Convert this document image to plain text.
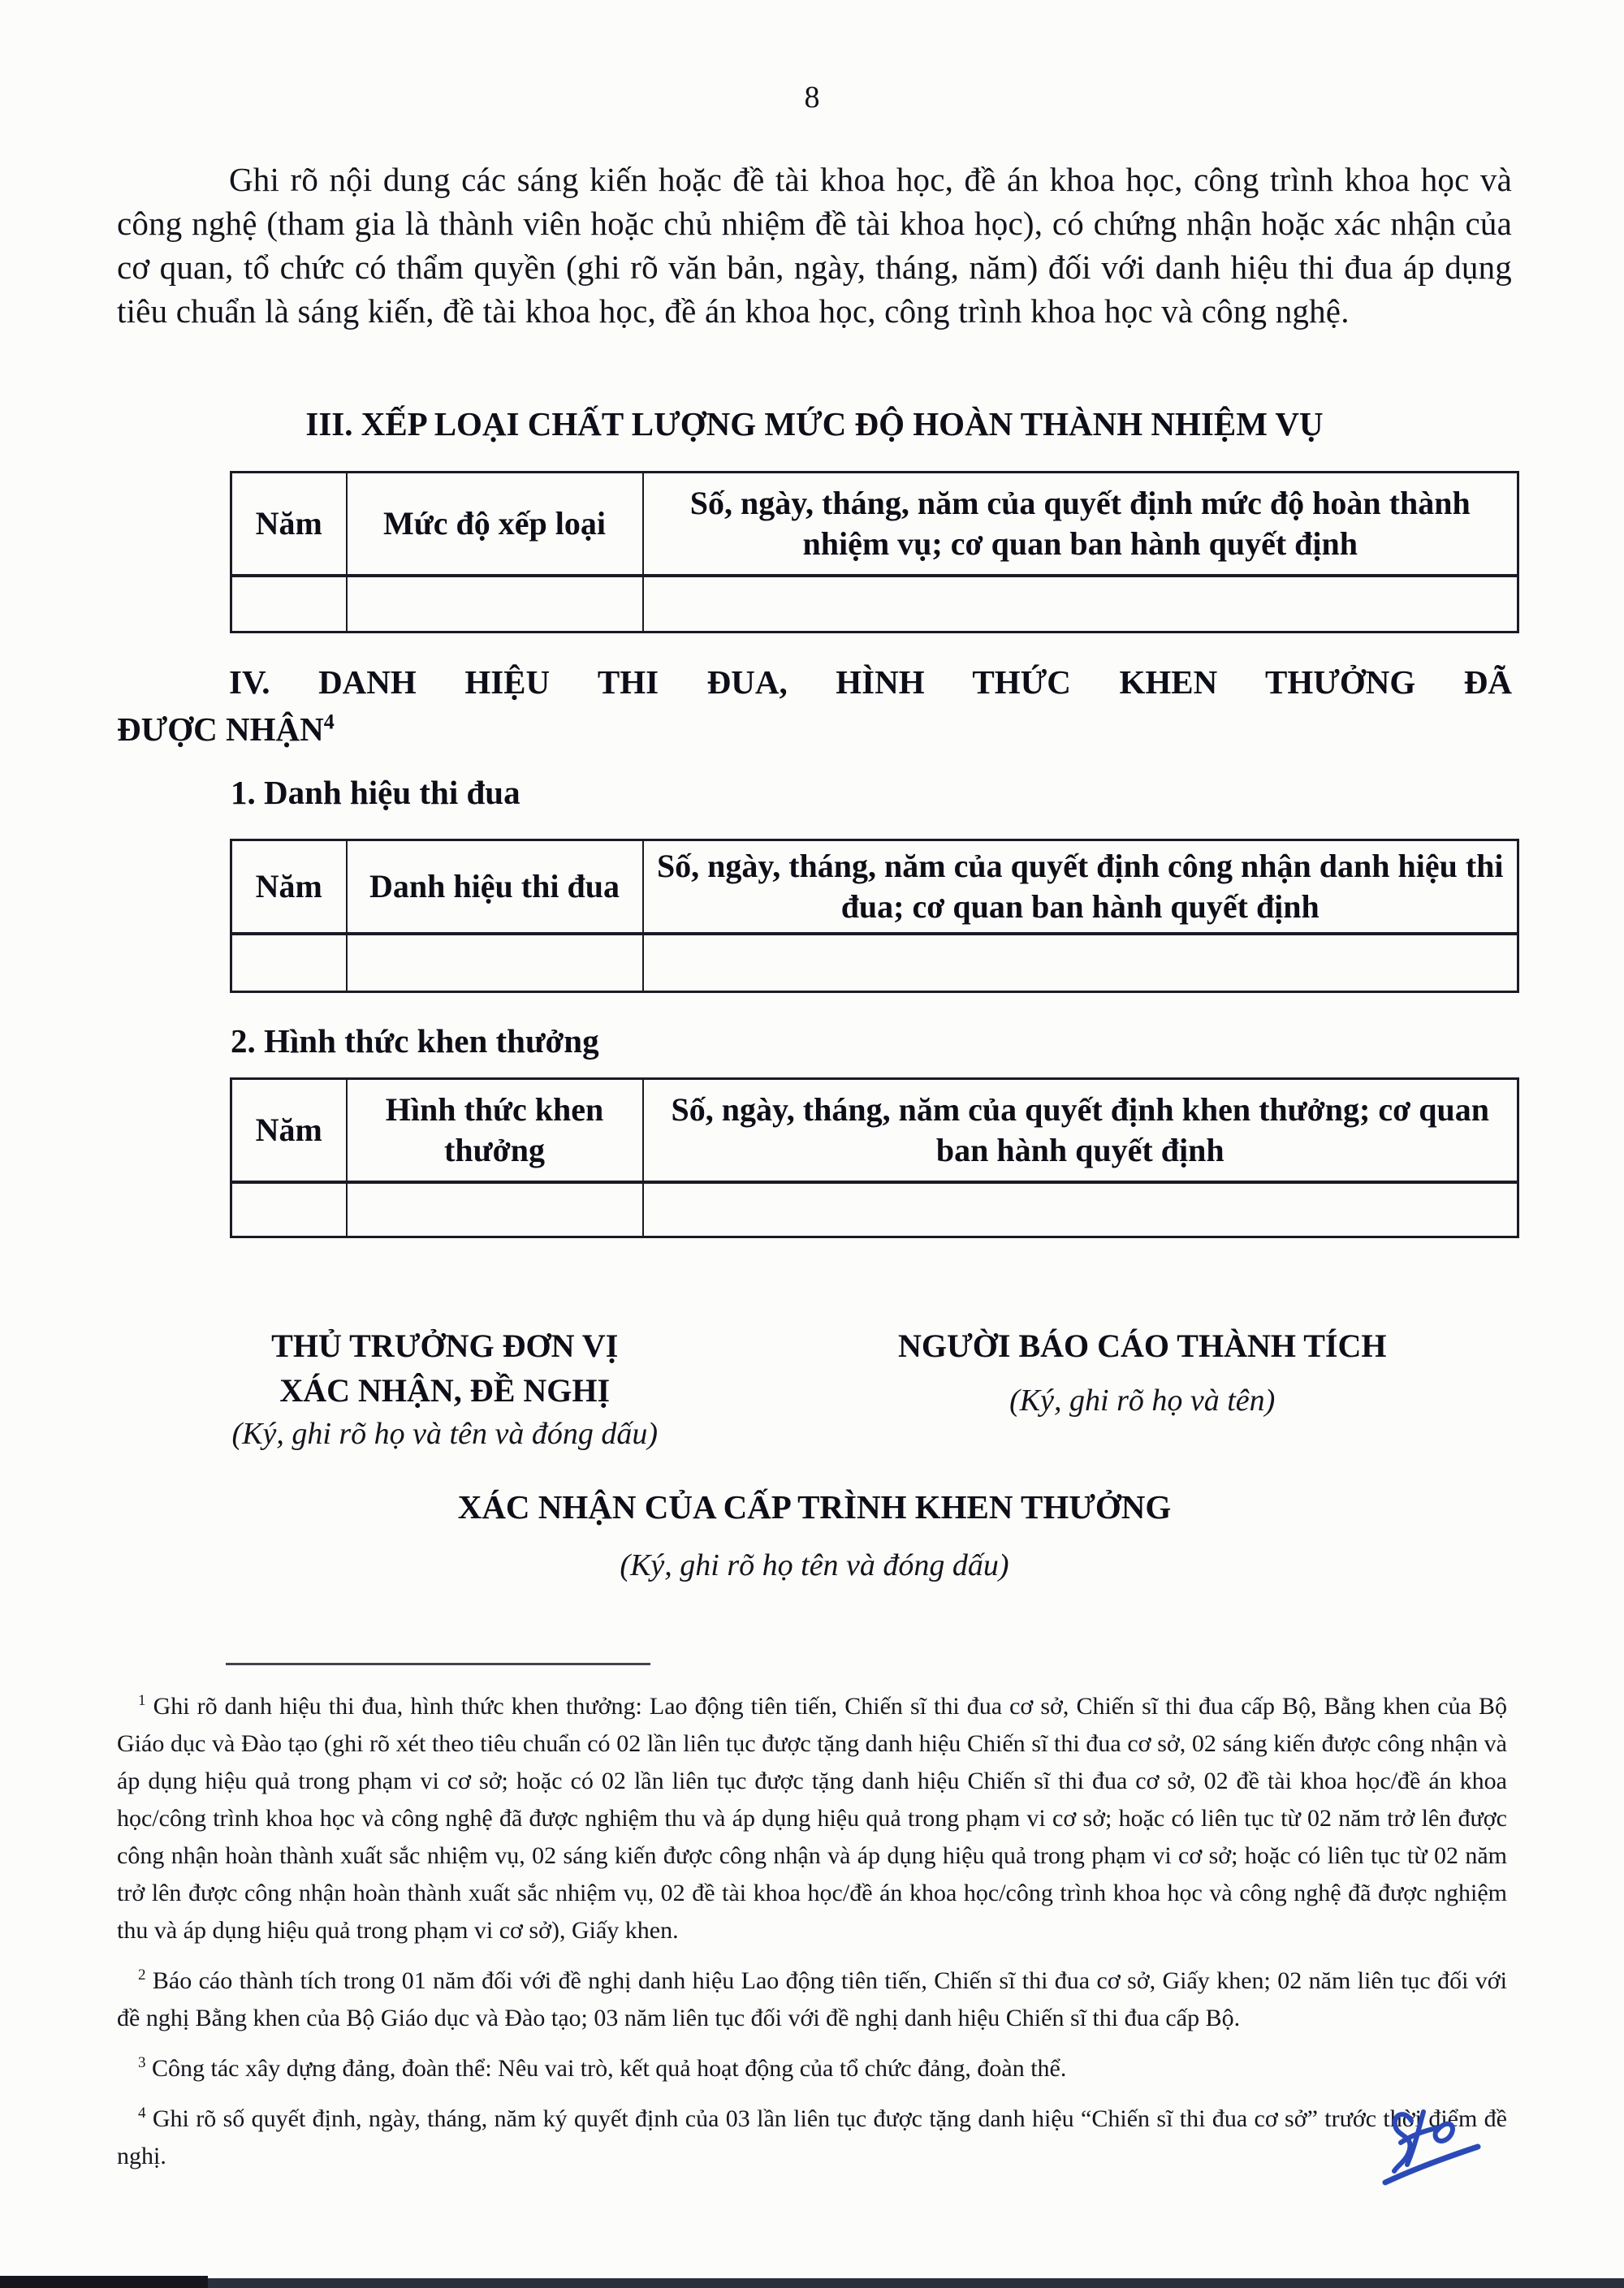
8
Ghi rõ nội dung các sáng kiến hoặc đề tài khoa học, đề án khoa học, công trình khoa học và công nghệ (tham gia là thành viên hoặc chủ nhiệm đề tài khoa học), có chứng nhận hoặc xác nhận của cơ quan, tổ chức có thẩm quyền (ghi rõ văn bản, ngày, tháng, năm) đối với danh hiệu thi đua áp dụng tiêu chuẩn là sáng kiến, đề tài khoa học, đề án khoa học, công trình khoa học và công nghệ.
III. XẾP LOẠI CHẤT LƯỢNG MỨC ĐỘ HOÀN THÀNH NHIỆM VỤ
Năm	Mức độ xếp loại	Số, ngày, tháng, năm của quyết định mức độ hoàn thành nhiệm vụ; cơ quan ban hành quyết định

IV. DANH HIỆU THI ĐUA, HÌNH THỨC KHEN THƯỞNG ĐÃ
ĐƯỢC NHẬN$^4$
1. Danh hiệu thi đua
Năm	Danh hiệu thi đua	Số, ngày, tháng, năm của quyết định công nhận danh hiệu thi đua; cơ quan ban hành quyết định

2. Hình thức khen thưởng
Năm	Hình thức khen thưởng	Số, ngày, tháng, năm của quyết định khen thưởng; cơ quan ban hành quyết định

THỦ TRƯỞNG ĐƠN VỊ
XÁC NHẬN, ĐỀ NGHỊ
(Ký, ghi rõ họ và tên và đóng dấu)
NGƯỜI BÁO CÁO THÀNH TÍCH
(Ký, ghi rõ họ và tên)
XÁC NHẬN CỦA CẤP TRÌNH KHEN THƯỞNG
(Ký, ghi rõ họ tên và đóng dấu)

$^1$ Ghi rõ danh hiệu thi đua, hình thức khen thưởng: Lao động tiên tiến, Chiến sĩ thi đua cơ sở, Chiến sĩ thi đua cấp Bộ, Bằng khen của Bộ Giáo dục và Đào tạo (ghi rõ xét theo tiêu chuẩn có 02 lần liên tục được tặng danh hiệu Chiến sĩ thi đua cơ sở, 02 sáng kiến được công nhận và áp dụng hiệu quả trong phạm vi cơ sở; hoặc có 02 lần liên tục được tặng danh hiệu Chiến sĩ thi đua cơ sở, 02 đề tài khoa học/đề án khoa học/công trình khoa học và công nghệ đã được nghiệm thu và áp dụng hiệu quả trong phạm vi cơ sở; hoặc có liên tục từ 02 năm trở lên được công nhận hoàn thành xuất sắc nhiệm vụ, 02 sáng kiến được công nhận và áp dụng hiệu quả trong phạm vi cơ sở; hoặc có liên tục từ 02 năm trở lên được công nhận hoàn thành xuất sắc nhiệm vụ, 02 đề tài khoa học/đề án khoa học/công trình khoa học và công nghệ đã được nghiệm thu và áp dụng hiệu quả trong phạm vi cơ sở), Giấy khen.

$^2$ Báo cáo thành tích trong 01 năm đối với đề nghị danh hiệu Lao động tiên tiến, Chiến sĩ thi đua cơ sở, Giấy khen; 02 năm liên tục đối với đề nghị Bằng khen của Bộ Giáo dục và Đào tạo; 03 năm liên tục đối với đề nghị danh hiệu Chiến sĩ thi đua cấp Bộ.

$^3$ Công tác xây dựng đảng, đoàn thể: Nêu vai trò, kết quả hoạt động của tổ chức đảng, đoàn thể.

$^4$ Ghi rõ số quyết định, ngày, tháng, năm ký quyết định của 03 lần liên tục được tặng danh hiệu “Chiến sĩ thi đua cơ sở” trước thời điểm đề nghị.
